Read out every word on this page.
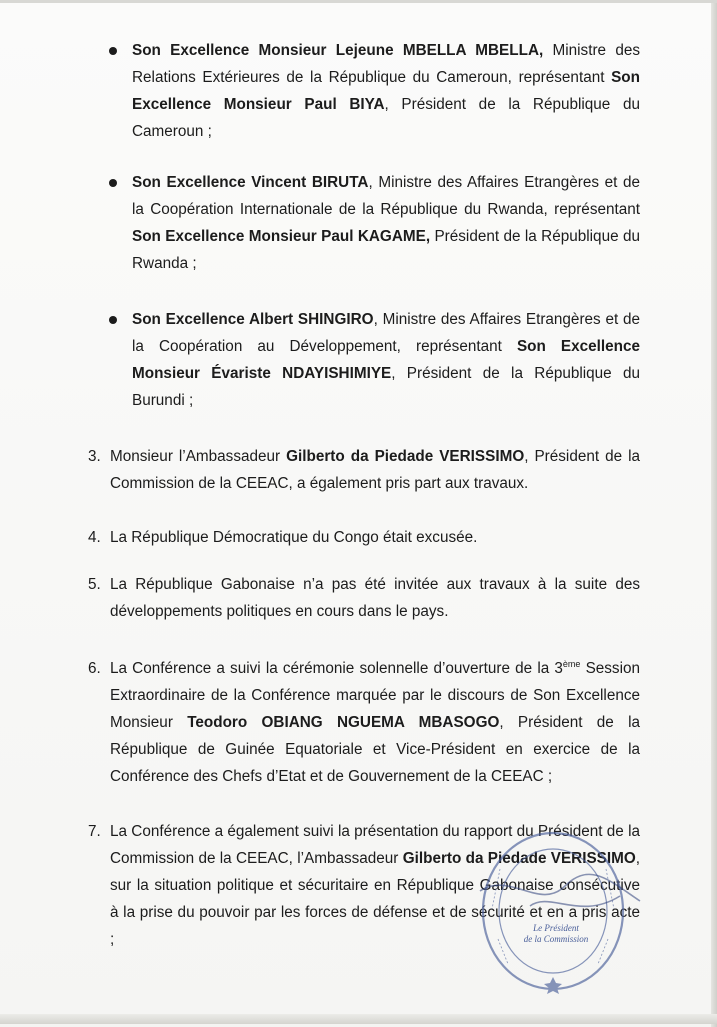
Son Excellence Monsieur Lejeune MBELLA MBELLA, Ministre des Relations Extérieures de la République du Cameroun, représentant Son Excellence Monsieur Paul BIYA, Président de la République du Cameroun ;
Son Excellence Vincent BIRUTA, Ministre des Affaires Etrangères et de la Coopération Internationale de la République du Rwanda, représentant Son Excellence Monsieur Paul KAGAME, Président de la République du Rwanda ;
Son Excellence Albert SHINGIRO, Ministre des Affaires Etrangères et de la Coopération au Développement, représentant Son Excellence Monsieur Évariste NDAYISHIMIYE, Président de la République du Burundi ;
3. Monsieur l’Ambassadeur Gilberto da Piedade VERISSIMO, Président de la Commission de la CEEAC, a également pris part aux travaux.
4. La République Démocratique du Congo était excusée.
5. La République Gabonaise n’a pas été invitée aux travaux à la suite des développements politiques en cours dans le pays.
6. La Conférence a suivi la cérémonie solennelle d’ouverture de la 3ème Session Extraordinaire de la Conférence marquée par le discours de Son Excellence Monsieur Teodoro OBIANG NGUEMA MBASOGO, Président de la République de Guinée Equatoriale et Vice-Président en exercice de la Conférence des Chefs d’Etat et de Gouvernement de la CEEAC ;
7. La Conférence a également suivi la présentation du rapport du Président de la Commission de la CEEAC, l’Ambassadeur Gilberto da Piedade VERISSIMO, sur la situation politique et sécuritaire en République Gabonaise consécutive à la prise du pouvoir par les forces de défense et de sécurité et en a pris acte ;
Le Président
de la Commission
